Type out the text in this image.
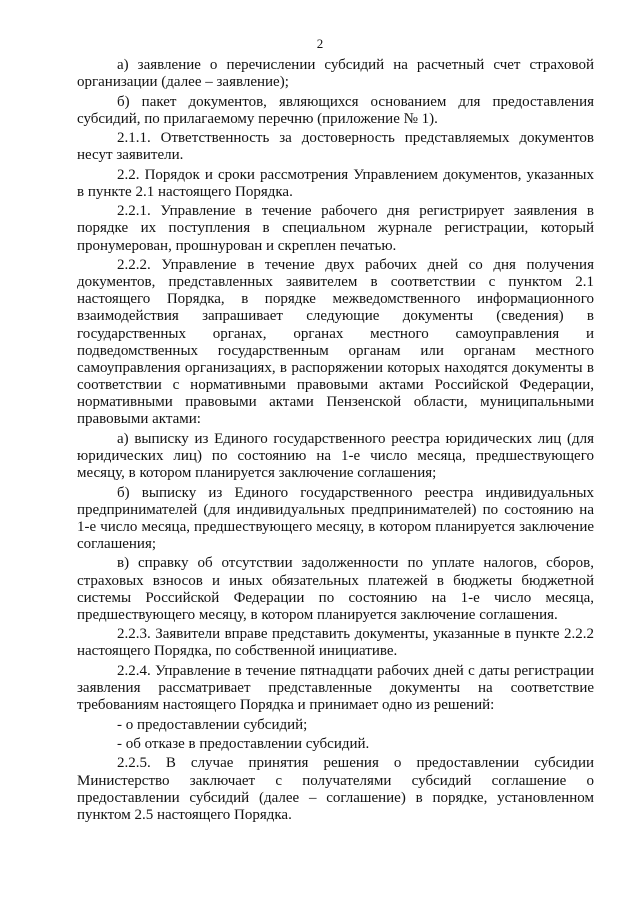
2

а) заявление о перечислении субсидий на расчетный счет страховой организации (далее – заявление);

б) пакет документов, являющихся основанием для предоставления субсидий, по прилагаемому перечню (приложение № 1).

2.1.1. Ответственность за достоверность представляемых документов несут заявители.

2.2. Порядок и сроки рассмотрения Управлением документов, указанных в пункте 2.1 настоящего Порядка.

2.2.1. Управление в течение рабочего дня регистрирует заявления в порядке их поступления в специальном журнале регистрации, который пронумерован, прошнурован и скреплен печатью.

2.2.2. Управление в течение двух рабочих дней со дня получения документов, представленных заявителем в соответствии с пунктом 2.1 настоящего Порядка, в порядке межведомственного информационного взаимодействия запрашивает следующие документы (сведения) в государственных органах, органах местного самоуправления и подведомственных государственным органам или органам местного самоуправления организациях, в распоряжении которых находятся документы в соответствии с нормативными правовыми актами Российской Федерации, нормативными правовыми актами Пензенской области, муниципальными правовыми актами:

а) выписку из Единого государственного реестра юридических лиц (для юридических лиц) по состоянию на 1-е число месяца, предшествующего месяцу, в котором планируется заключение соглашения;

б) выписку из Единого государственного реестра индивидуальных предпринимателей (для индивидуальных предпринимателей) по состоянию на 1-е число месяца, предшествующего месяцу, в котором планируется заключение соглашения;

в) справку об отсутствии задолженности по уплате налогов, сборов, страховых взносов и иных обязательных платежей в бюджеты бюджетной системы Российской Федерации по состоянию на 1-е число месяца, предшествующего месяцу, в котором планируется заключение соглашения.

2.2.3. Заявители вправе представить документы, указанные в пункте 2.2.2 настоящего Порядка, по собственной инициативе.

2.2.4. Управление в течение пятнадцати рабочих дней с даты регистрации заявления рассматривает представленные документы на соответствие требованиям настоящего Порядка и принимает одно из решений:

- о предоставлении субсидий;

- об отказе в предоставлении субсидий.

2.2.5. В случае принятия решения о предоставлении субсидии Министерство заключает с получателями субсидий соглашение о предоставлении субсидий (далее – соглашение) в порядке, установленном пунктом 2.5 настоящего Порядка.
